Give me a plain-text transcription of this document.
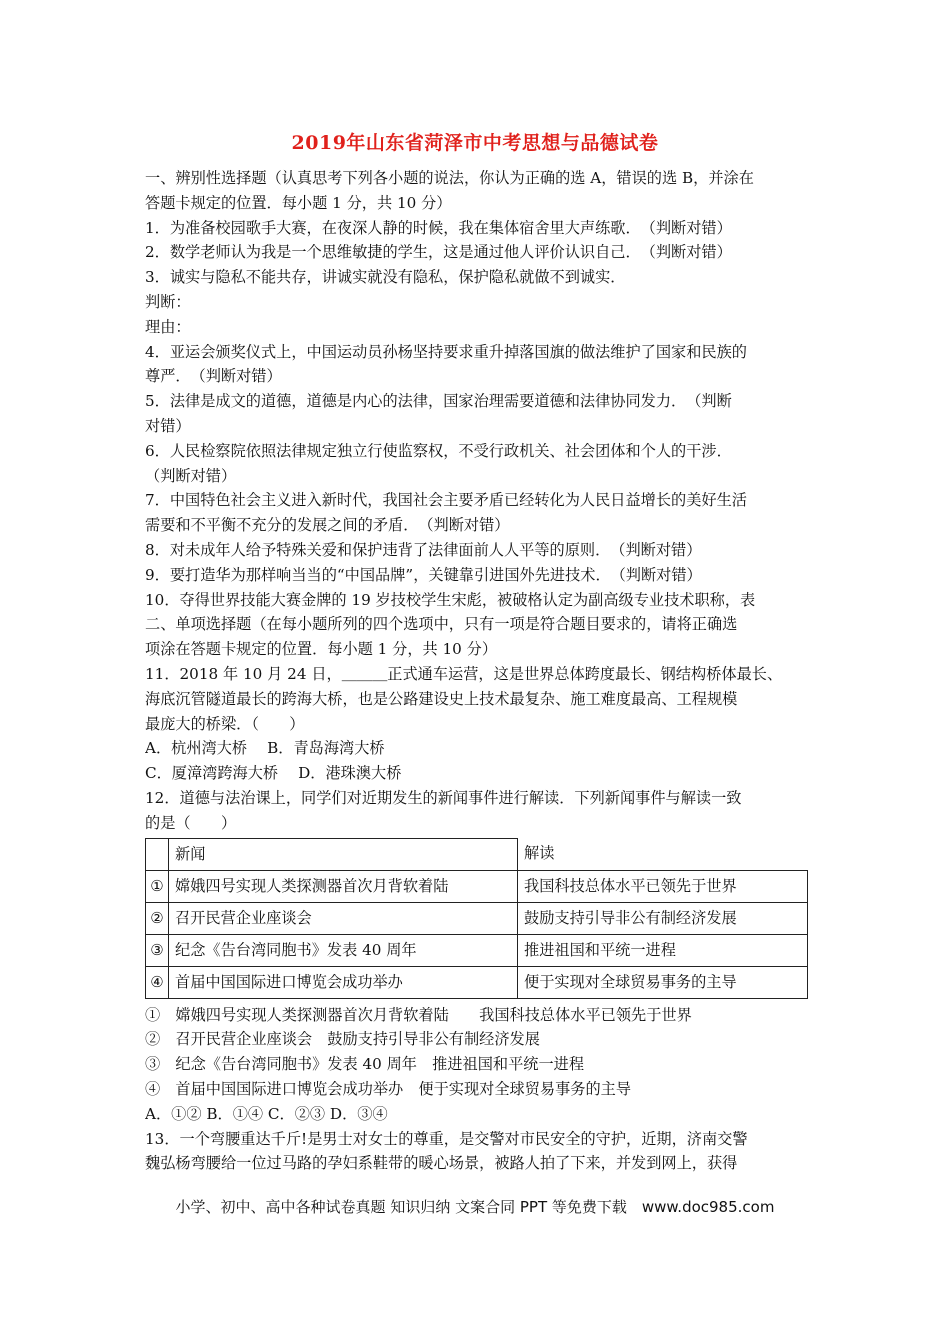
2019年山东省菏泽市中考思想与品德试卷
一、辨别性选择题（认真思考下列各小题的说法，你认为正确的选 A，错误的选 B，并涂在
答题卡规定的位置．每小题 1 分，共 10 分）
1．为准备校园歌手大赛，在夜深人静的时候，我在集体宿舍里大声练歌．　（判断对错）
2．数学老师认为我是一个思维敏捷的学生，这是通过他人评价认识自己．　（判断对错）
3．诚实与隐私不能共存，讲诚实就没有隐私，保护隐私就做不到诚实．
判断：
理由：
4．亚运会颁奖仪式上，中国运动员孙杨坚持要求重升掉落国旗的做法维护了国家和民族的
尊严．　（判断对错）
5．法律是成文的道德，道德是内心的法律，国家治理需要道德和法律协同发力．　（判断
对错）
6．人民检察院依照法律规定独立行使监察权，不受行政机关、社会团体和个人的干涉．
（判断对错）
7．中国特色社会主义进入新时代，我国社会主要矛盾已经转化为人民日益增长的美好生活
需要和不平衡不充分的发展之间的矛盾．　（判断对错）
8．对未成年人给予特殊关爱和保护违背了法律面前人人平等的原则．　（判断对错）
9．要打造华为那样响当当的“中国品牌”，关键靠引进国外先进技术．　（判断对错）
10．夺得世界技能大赛金牌的 19 岁技校学生宋彪，被破格认定为副高级专业技术职称，表
二、单项选择题（在每小题所列的四个选项中，只有一项是符合题目要求的，请将正确选
项涂在答题卡规定的位置．每小题 1 分，共 10 分）
11．2018 年 10 月 24 日，＿＿＿正式通车运营，这是世界总体跨度最长、钢结构桥体最长、
海底沉管隧道最长的跨海大桥，也是公路建设史上技术最复杂、施工难度最高、工程规模
最庞大的桥梁．（　　）
A．杭州湾大桥　 B．青岛海湾大桥
C．厦漳湾跨海大桥　 D．港珠澳大桥
12．道德与法治课上，同学们对近期发生的新闻事件进行解读．下列新闻事件与解读一致
的是（　　）
	新闻	解读
①	嫦娥四号实现人类探测器首次月背软着陆	我国科技总体水平已领先于世界
②	召开民营企业座谈会	鼓励支持引导非公有制经济发展
③	纪念《告台湾同胞书》发表 40 周年	推进祖国和平统一进程
④	首届中国国际进口博览会成功举办	便于实现对全球贸易事务的主导
①　嫦娥四号实现人类探测器首次月背软着陆　　我国科技总体水平已领先于世界
②　召开民营企业座谈会　鼓励支持引导非公有制经济发展
③　纪念《告台湾同胞书》发表 40 周年　推进祖国和平统一进程
④　首届中国国际进口博览会成功举办　便于实现对全球贸易事务的主导
A．①② B．①④ C．②③ D．③④
13．一个弯腰重达千斤!是男士对女士的尊重，是交警对市民安全的守护，近期，济南交警
魏弘杨弯腰给一位过马路的孕妇系鞋带的暖心场景，被路人拍了下来，并发到网上，获得
小学、初中、高中各种试卷真题 知识归纳 文案合同 PPT 等免费下载　www.doc985.com
